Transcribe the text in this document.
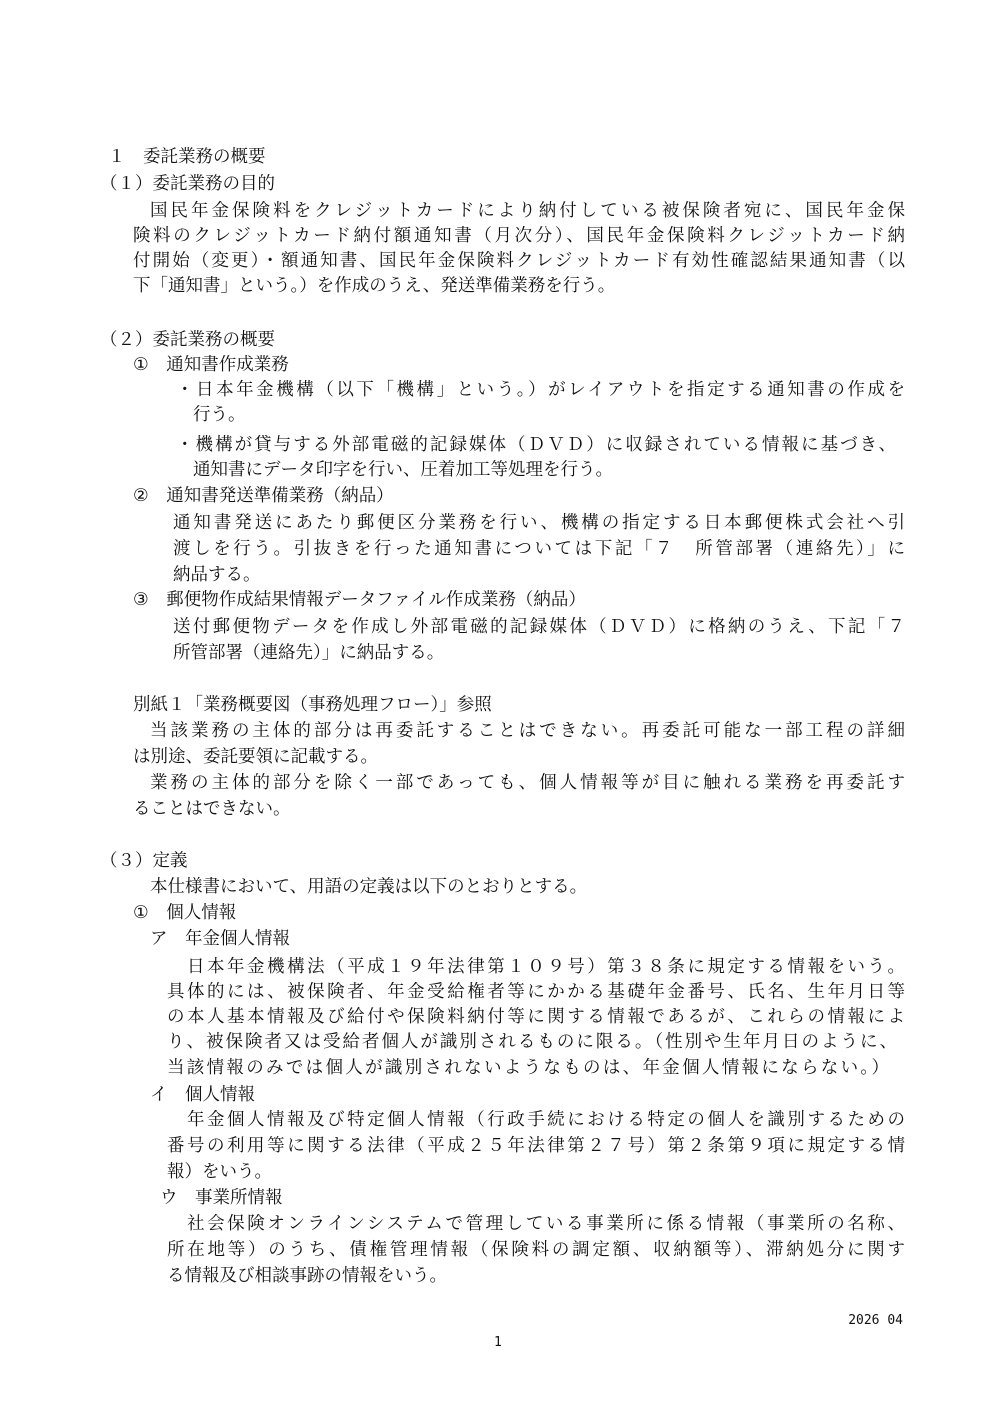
１　委託業務の概要
（１）委託業務の目的
国民年金保険料をクレジットカードにより納付している被保険者宛に、国民年金保
険料のクレジットカード納付額通知書（月次分）、国民年金保険料クレジットカード納
付開始（変更）・額通知書、国民年金保険料クレジットカード有効性確認結果通知書（以
下「通知書」という。）を作成のうえ、発送準備業務を行う。
（２）委託業務の概要
①　通知書作成業務
・日本年金機構（以下「機構」という。）がレイアウトを指定する通知書の作成を
行う。
・機構が貸与する外部電磁的記録媒体（ＤＶＤ）に収録されている情報に基づき、
通知書にデータ印字を行い、圧着加工等処理を行う。
②　通知書発送準備業務（納品）
通知書発送にあたり郵便区分業務を行い、機構の指定する日本郵便株式会社へ引
渡しを行う。引抜きを行った通知書については下記「７　所管部署（連絡先）」に
納品する。
③　郵便物作成結果情報データファイル作成業務（納品）
送付郵便物データを作成し外部電磁的記録媒体（ＤＶＤ）に格納のうえ、下記「７
所管部署（連絡先）」に納品する。
別紙１「業務概要図（事務処理フロー）」参照
当該業務の主体的部分は再委託することはできない。再委託可能な一部工程の詳細
は別途、委託要領に記載する。
業務の主体的部分を除く一部であっても、個人情報等が目に触れる業務を再委託す
ることはできない。
（３）定義
本仕様書において、用語の定義は以下のとおりとする。
①　個人情報
ア　年金個人情報
日本年金機構法（平成１９年法律第１０９号）第３８条に規定する情報をいう。
具体的には、被保険者、年金受給権者等にかかる基礎年金番号、氏名、生年月日等
の本人基本情報及び給付や保険料納付等に関する情報であるが、これらの情報によ
り、被保険者又は受給者個人が識別されるものに限る。（性別や生年月日のように、
当該情報のみでは個人が識別されないようなものは、年金個人情報にならない。）
イ　個人情報
年金個人情報及び特定個人情報（行政手続における特定の個人を識別するための
番号の利用等に関する法律（平成２５年法律第２７号）第２条第９項に規定する情
報）をいう。
ウ　事業所情報
社会保険オンラインシステムで管理している事業所に係る情報（事業所の名称、
所在地等）のうち、債権管理情報（保険料の調定額、収納額等）、滞納処分に関す
る情報及び相談事跡の情報をいう。
2026 04
1
